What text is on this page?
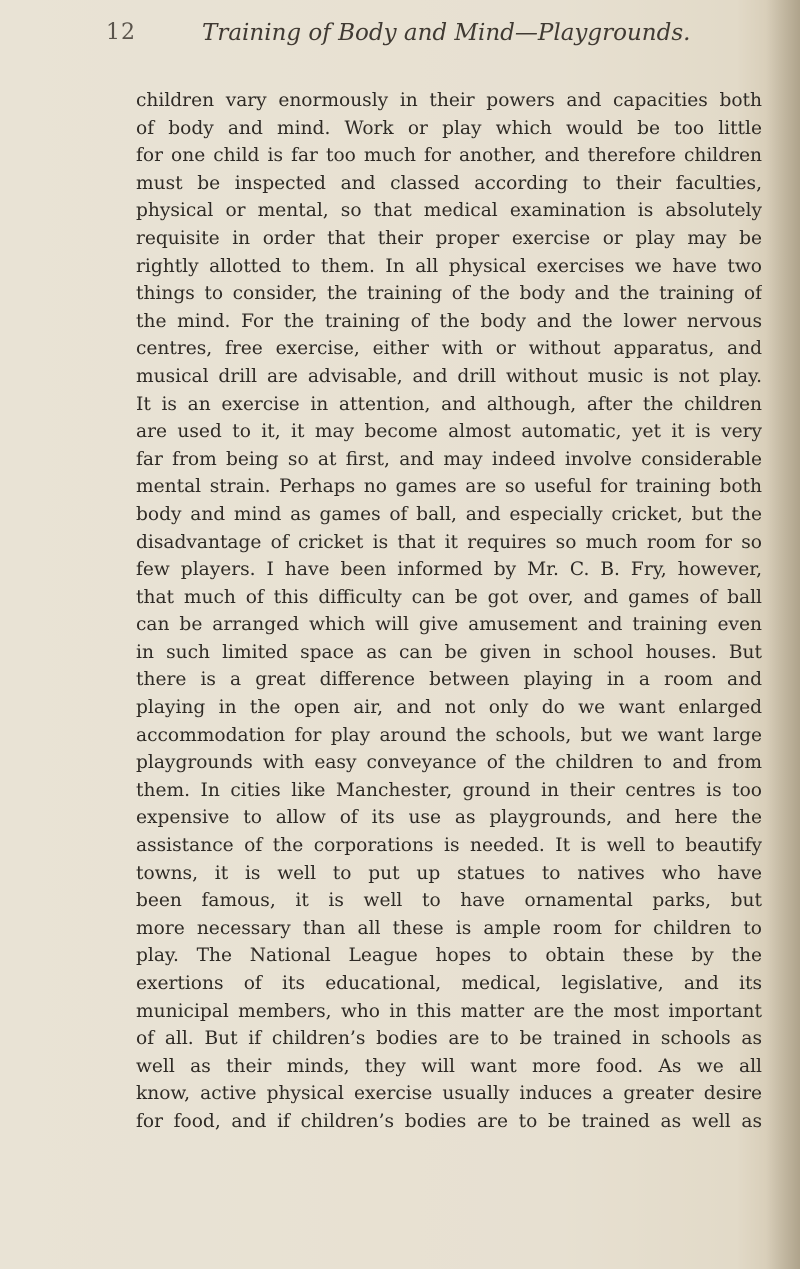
12	Training of Body and Mind—Playgrounds.
children vary enormously in their powers and capacities both
of body and mind. Work or play which would be too little
for one child is far too much for another, and therefore children
must be inspected and classed according to their faculties,
physical or mental, so that medical examination is absolutely
requisite in order that their proper exercise or play may be
rightly allotted to them. In all physical exercises we have two
things to consider, the training of the body and the training of
the mind. For the training of the body and the lower nervous
centres, free exercise, either with or without apparatus, and
musical drill are advisable, and drill without music is not play.
It is an exercise in attention, and although, after the children
are used to it, it may become almost automatic, yet it is very
far from being so at first, and may indeed involve considerable
mental strain. Perhaps no games are so useful for training both
body and mind as games of ball, and especially cricket, but the
disadvantage of cricket is that it requires so much room for so
few players. I have been informed by Mr. C. B. Fry, however,
that much of this difficulty can be got over, and games of ball
can be arranged which will give amusement and training even
in such limited space as can be given in school houses. But
there is a great difference between playing in a room and
playing in the open air, and not only do we want enlarged
accommodation for play around the schools, but we want large
playgrounds with easy conveyance of the children to and from
them. In cities like Manchester, ground in their centres is too
expensive to allow of its use as playgrounds, and here the
assistance of the corporations is needed. It is well to beautify
towns, it is well to put up statues to natives who have
been famous, it is well to have ornamental parks, but
more necessary than all these is ample room for children to
play. The National League hopes to obtain these by the
exertions of its educational, medical, legislative, and its
municipal members, who in this matter are the most important
of all. But if children’s bodies are to be trained in schools as
well as their minds, they will want more food. As we all
know, active physical exercise usually induces a greater desire
for food, and if children’s bodies are to be trained as well as
